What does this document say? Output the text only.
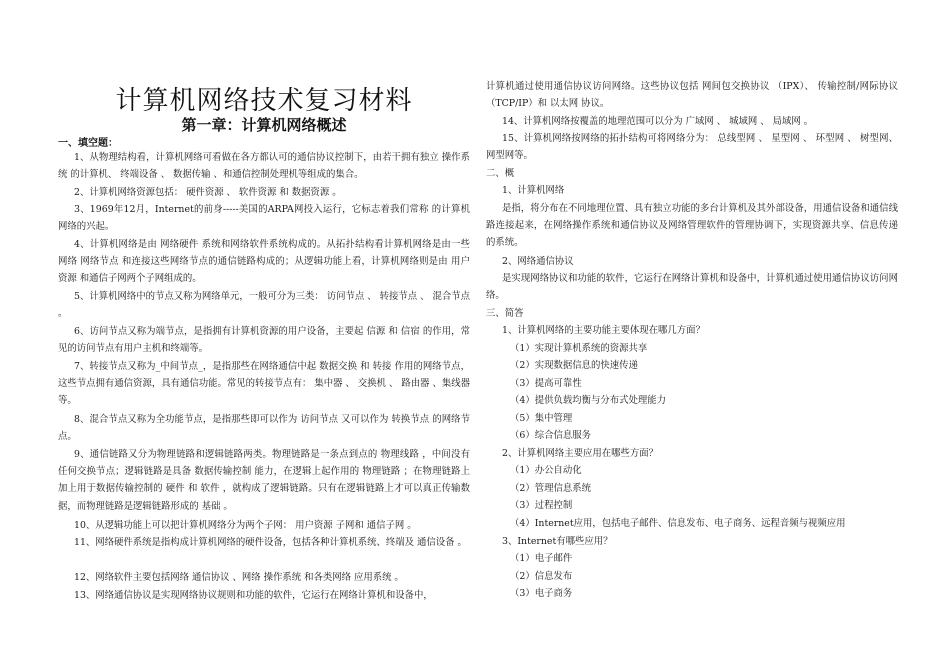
计算机网络技术复习材料
第一章：计算机网络概述
一、填空题：
1、从物理结构看，计算机网络可看做在各方都认可的通信协议控制下，由若干拥有独立 操作系统 的计算机、 终端设备 、 数据传输 、和通信控制处理机等组成的集合。
2、计算机网络资源包括： 硬件资源 、 软件资源 和 数据资源 。
3、1969年12月，Internet的前身-----美国的ARPA网投入运行，它标志着我们常称 的计算机网络的兴起。
4、计算机网络是由 网络硬件 系统和网络软件系统构成的。从拓扑结构看计算机网络是由一些网络 网络节点 和连接这些网络节点的通信链路构成的；从逻辑功能上看，计算机网络则是由 用户资源 和通信子网两个子网组成的。
5、计算机网络中的节点又称为网络单元，一般可分为三类： 访问节点 、 转接节点 、 混合节点 。
6、访问节点又称为端节点，是指拥有计算机资源的用户设备，主要起 信源 和 信宿 的作用，常见的访问节点有用户主机和终端等。
7、转接节点又称为_中间节点_，是指那些在网络通信中起 数据交换 和 转接 作用的网络节点，这些节点拥有通信资源，具有通信功能。常见的转接节点有： 集中器 、 交换机 、 路由器 、集线器等。
8、混合节点又称为全功能节点，是指那些即可以作为 访问节点 又可以作为 转换节点 的网络节点。
9、通信链路又分为物理链路和逻辑链路两类。物理链路是一条点到点的 物理线路 ，中间没有任何交换节点；逻辑链路是具备 数据传输控制 能力，在逻辑上起作用的 物理链路 ；在物理链路上加上用于数据传输控制的 硬件 和 软件 ，就构成了逻辑链路。只有在逻辑链路上才可以真正传输数据，而物理链路是逻辑链路形成的 基础 。
10、从逻辑功能上可以把计算机网络分为两个子网： 用户资源 子网和 通信子网 。
11、网络硬件系统是指构成计算机网络的硬件设备，包括各种计算机系统、终端及 通信设备 。
12、网络软件主要包括网络 通信协议 、网络 操作系统 和各类网络 应用系统 。
13、网络通信协议是实现网络协议规则和功能的软件，它运行在网络计算机和设备中，
计算机通过使用通信协议访问网络。这些协议包括 网间包交换协议 （IPX）、 传输控制/网际协议 （TCP/IP）和 以太网 协议。
14、计算机网络按覆盖的地理范围可以分为 广域网 、 城域网 、 局域网 。
15、计算机网络按网络的拓扑结构可将网络分为： 总线型网 、 星型网 、 环型网 、 树型网、网型网等。
二、概
1、计算机网络
是指，将分布在不同地理位置、具有独立功能的多台计算机及其外部设备，用通信设备和通信线路连接起来，在网络操作系统和通信协议及网络管理软件的管理协调下，实现资源共享、信息传递的系统。
2、网络通信协议
是实现网络协议和功能的软件，它运行在网络计算机和设备中，计算机通过使用通信协议访问网络。
三、简答
1、计算机网络的主要功能主要体现在哪几方面？
（1）实现计算机系统的资源共享
（2）实现数据信息的快速传递
（3）提高可靠性
（4）提供负载均衡与分布式处理能力
（5）集中管理
（6）综合信息服务
2、计算机网络主要应用在哪些方面？
（1）办公自动化
（2）管理信息系统
（3）过程控制
（4）Internet应用，包括电子邮件、信息发布、电子商务、远程音频与视频应用
3、Internet有哪些应用？
（1）电子邮件
（2）信息发布
（3）电子商务
